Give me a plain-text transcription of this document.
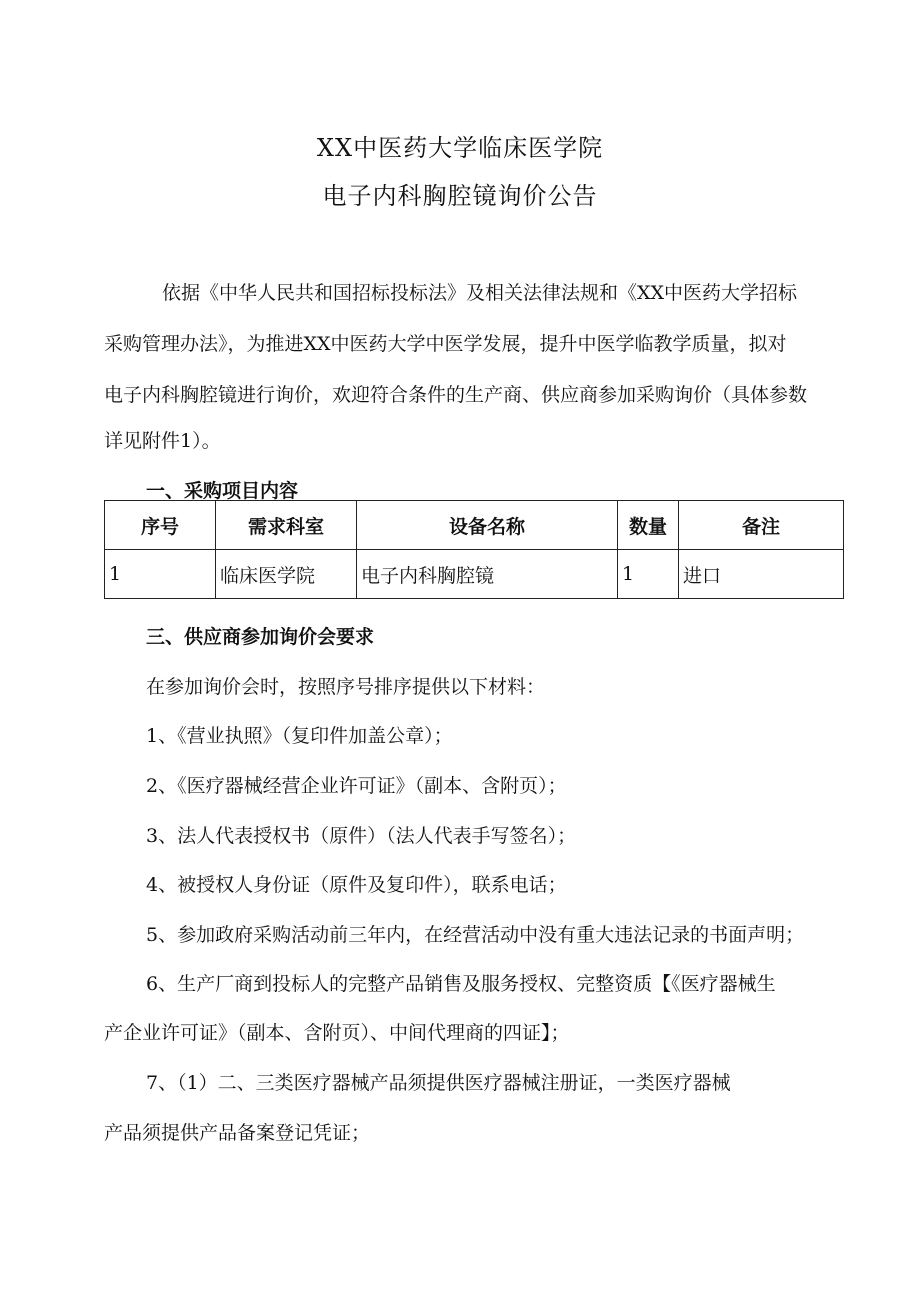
XX中医药大学临床医学院
电子内科胸腔镜询价公告
依据《中华人民共和国招标投标法》及相关法律法规和《XX中医药大学招标
采购管理办法》，为推进XX中医药大学中医学发展，提升中医学临教学质量，拟对
电子内科胸腔镜进行询价，欢迎符合条件的生产商、供应商参加采购询价（具体参数
详见附件1）。
一、采购项目内容
序号	需求科室	设备名称	数量	备注
1	临床医学院	电子内科胸腔镜	1	进口
三、供应商参加询价会要求
在参加询价会时，按照序号排序提供以下材料：
1、《营业执照》（复印件加盖公章）；
2、《医疗器械经营企业许可证》（副本、含附页）；
3、法人代表授权书（原件）（法人代表手写签名）；
4、被授权人身份证（原件及复印件），联系电话；
5、参加政府采购活动前三年内，在经营活动中没有重大违法记录的书面声明；
6、生产厂商到投标人的完整产品销售及服务授权、完整资质【《医疗器械生
产企业许可证》（副本、含附页）、中间代理商的四证】；
7、（1）二、三类医疗器械产品须提供医疗器械注册证，一类医疗器械
产品须提供产品备案登记凭证；
